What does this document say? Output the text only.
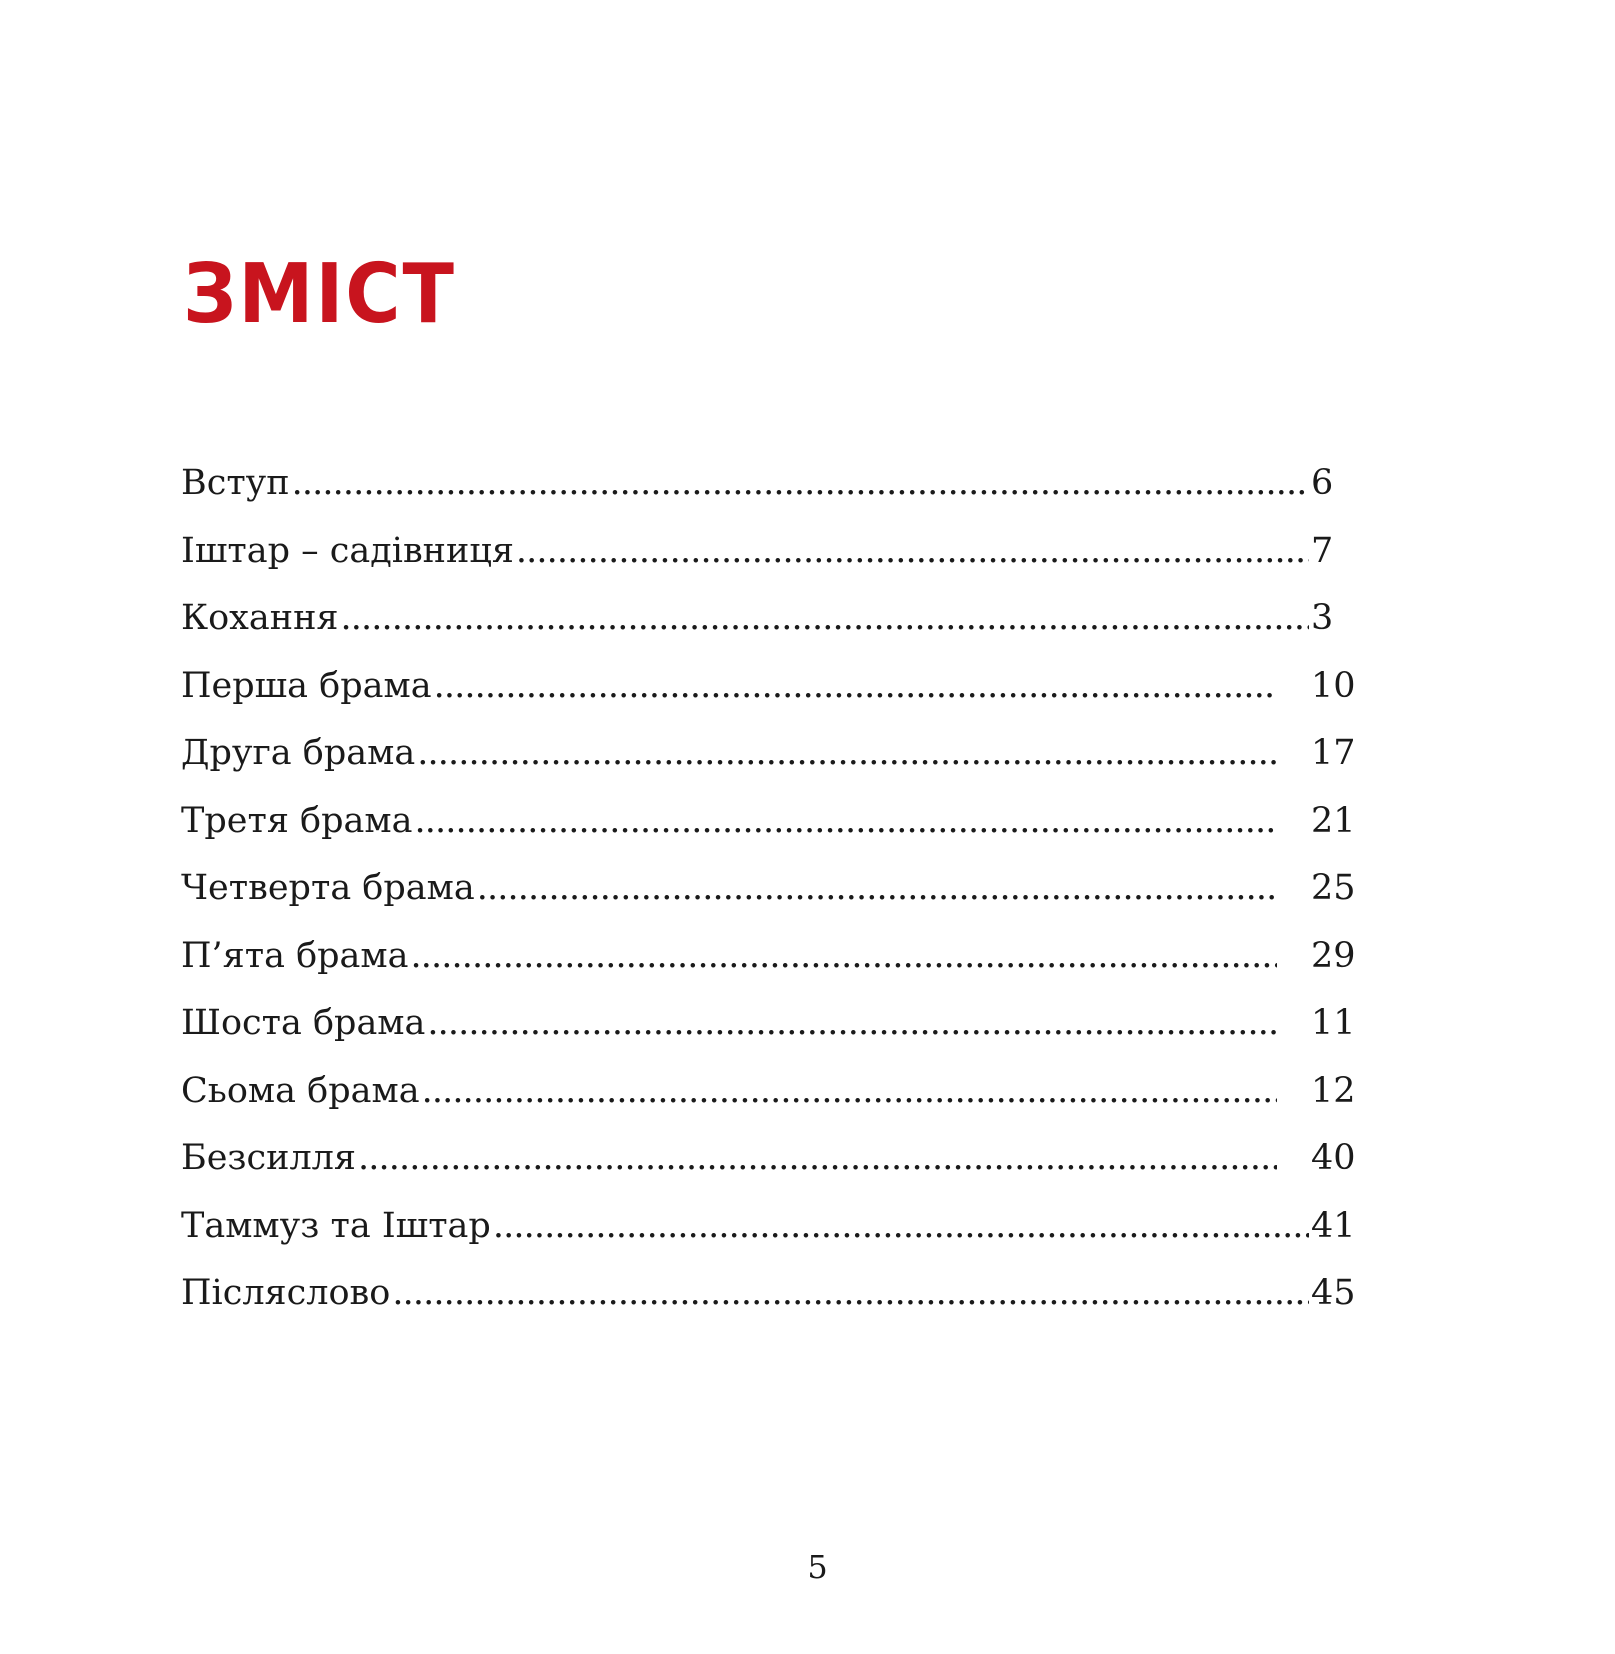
ЗМІСТ
Вступ . . .	6
Іштар – садівниця . . .	7
Кохання . . .	3
Перша брама . . .	10
Друга брама . . .	17
Третя брама . . .	21
Четверта брама . . .	25
П’ята брама . . .	29
Шоста брама . . .	11
Сьома брама . . .	12
Безсилля . . .	40
Таммуз та Іштар . . .	41
Післяслово . . .	45
5
